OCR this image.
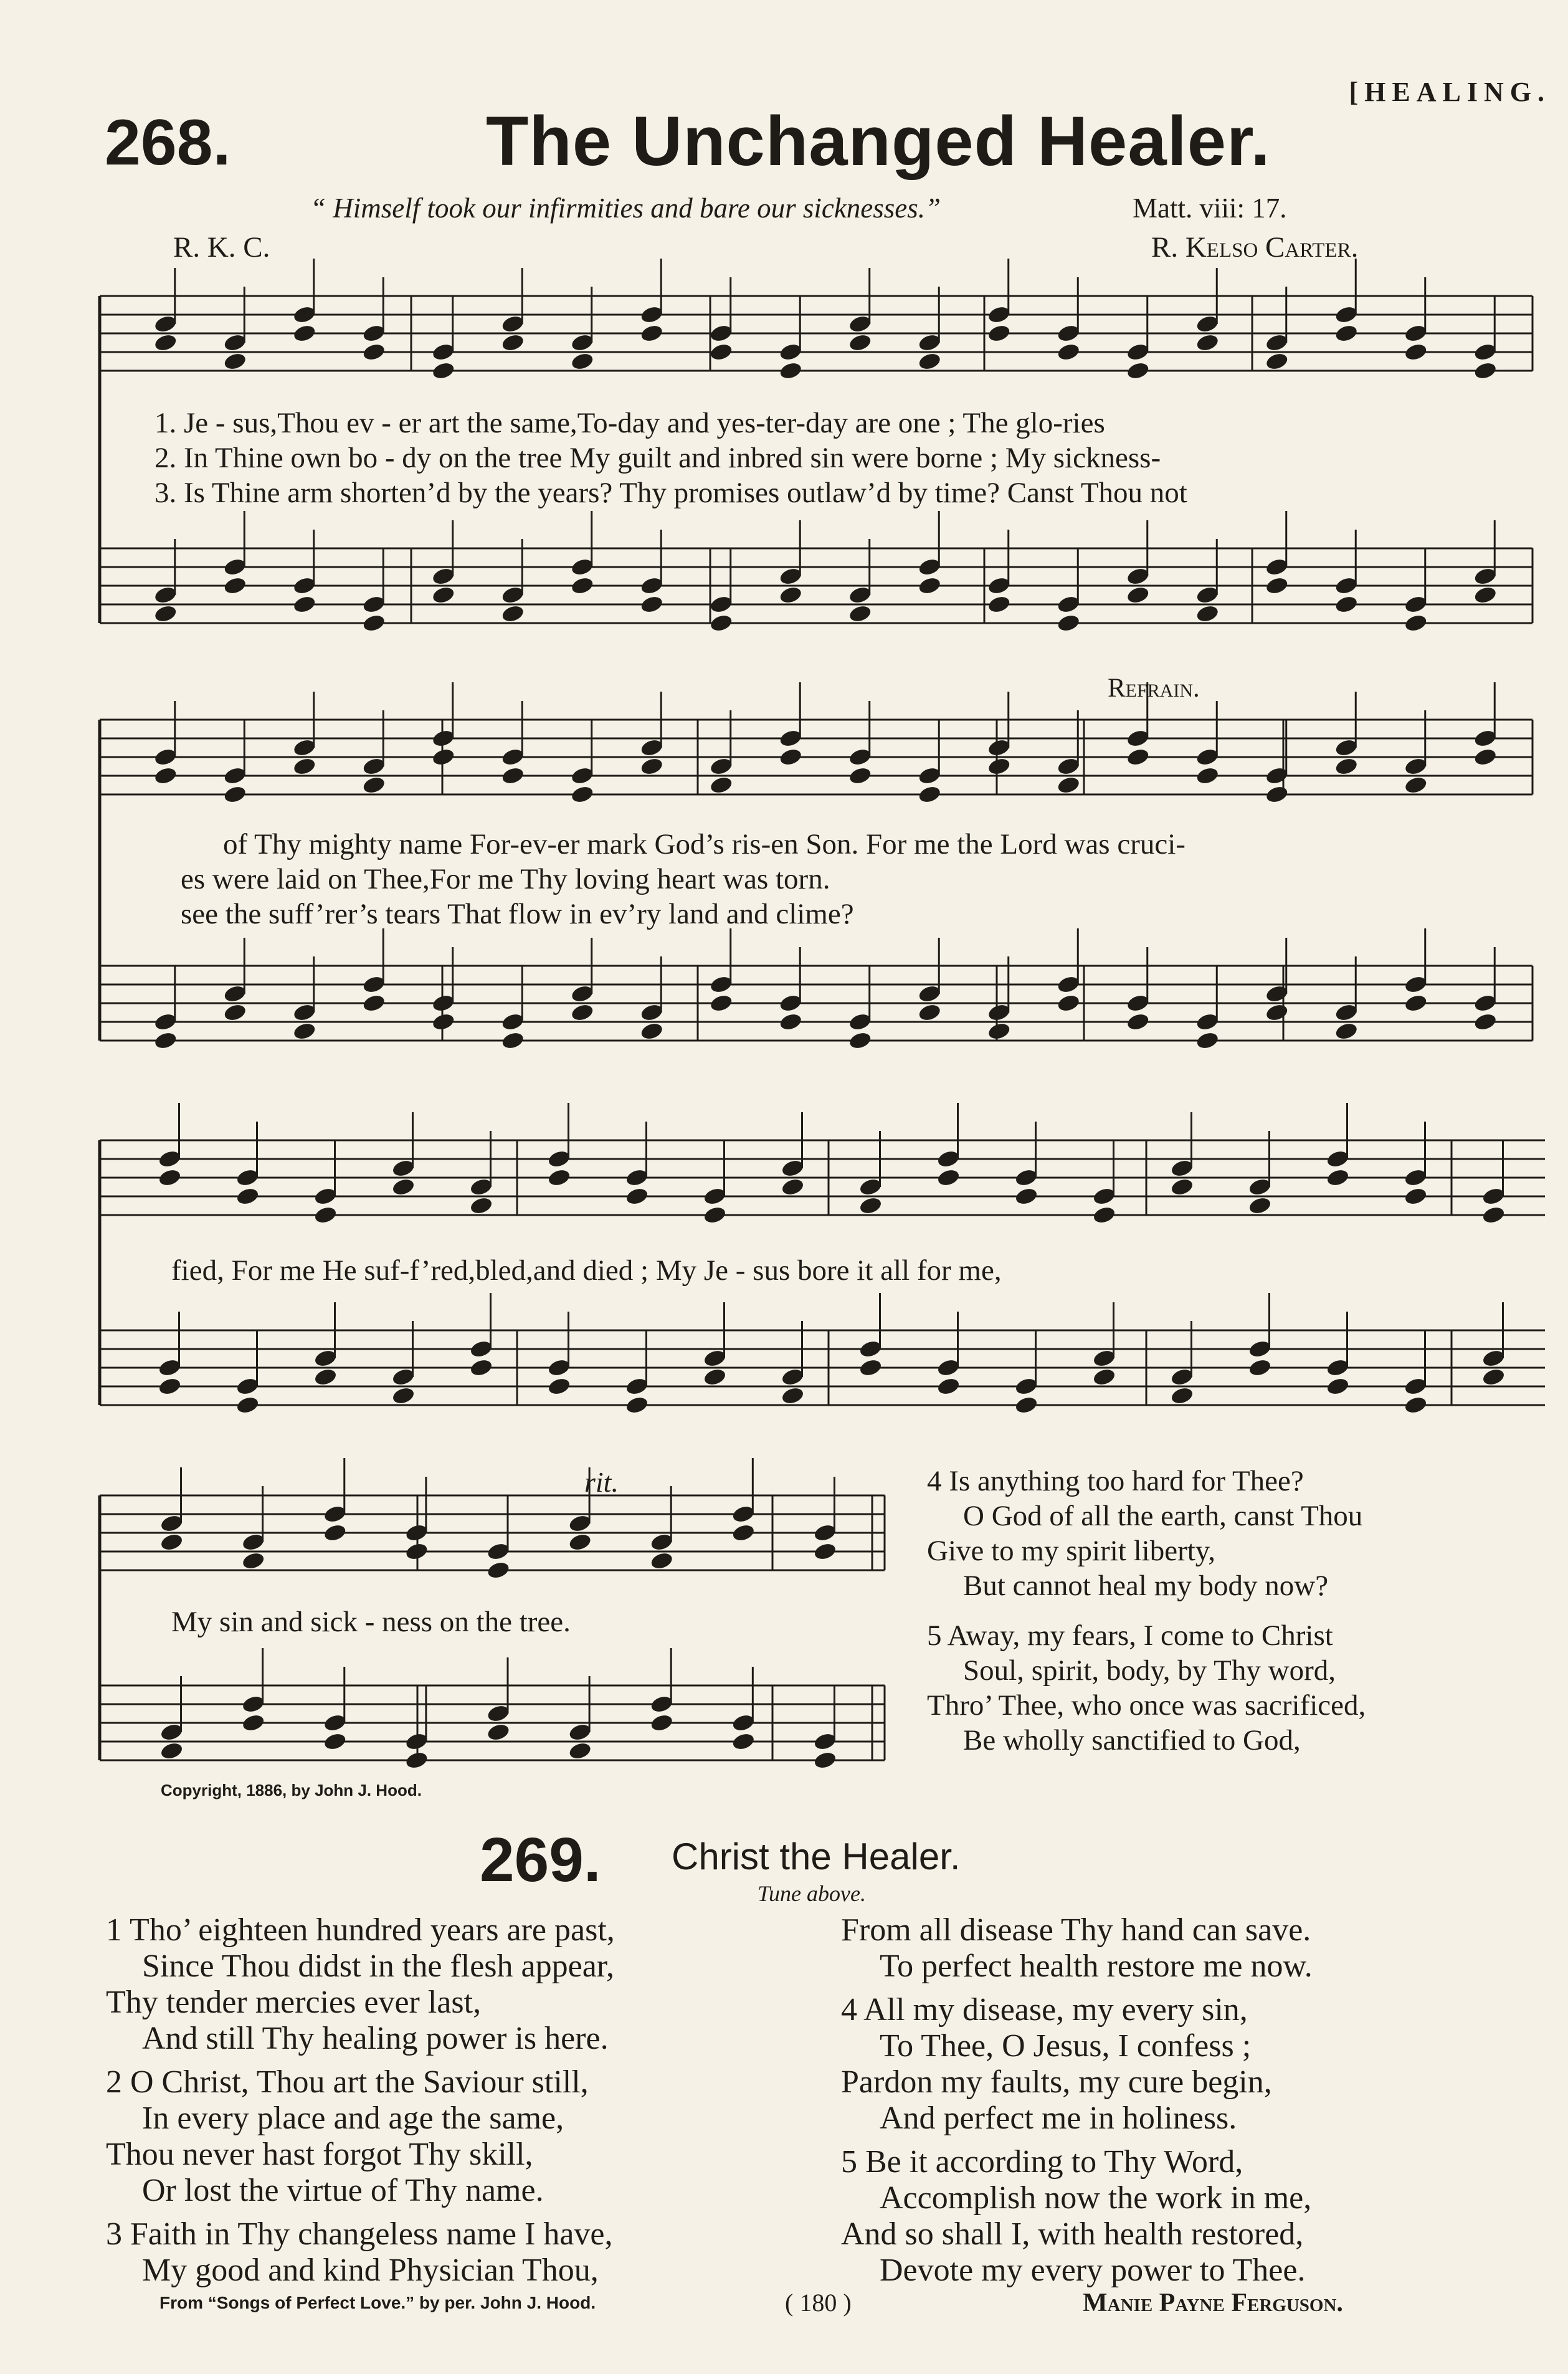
[HEALING.
268.	The Unchanged Healer.
“ Himself took our infirmities and bare our sicknesses.”	Matt. viii: 17.
R. K. C.	R. Kelso Carter.
Refrain.
rit.
1. Je - sus,Thou ev - er art the same,To-day and yes-ter-day are one ; The glo-ries
2. In Thine own bo - dy on the tree My guilt and inbred sin were borne ; My sickness-
3. Is Thine arm shorten’d by the years? Thy promises outlaw’d by time? Canst Thou not
of Thy mighty name For-ev-er mark God’s ris-en Son. For me the Lord was cruci-
es were laid on Thee,For me Thy loving heart was torn.
see the suff’rer’s tears That flow in ev’ry land and clime?
fied, For me He suf-f’red,bled,and died ; My Je - sus bore it all for me,
My sin and sick - ness on the tree.
4 Is anything too hard for Thee?
O God of all the earth, canst Thou
Give to my spirit liberty,
But cannot heal my body now?
5 Away, my fears, I come to Christ
Soul, spirit, body, by Thy word,
Thro’ Thee, who once was sacrificed,
Be wholly sanctified to God,
Copyright, 1886, by John J. Hood.
269. Christ the Healer.
Tune above.
1 Tho’ eighteen hundred years are past,
Since Thou didst in the flesh appear,
Thy tender mercies ever last,
And still Thy healing power is here.
2 O Christ, Thou art the Saviour still,
In every place and age the same,
Thou never hast forgot Thy skill,
Or lost the virtue of Thy name.
3 Faith in Thy changeless name I have,
My good and kind Physician Thou,
From all disease Thy hand can save.
To perfect health restore me now.
4 All my disease, my every sin,
To Thee, O Jesus, I confess ;
Pardon my faults, my cure begin,
And perfect me in holiness.
5 Be it according to Thy Word,
Accomplish now the work in me,
And so shall I, with health restored,
Devote my every power to Thee.
From “Songs of Perfect Love.” by per. John J. Hood.	( 180 )	Manie Payne Ferguson.
